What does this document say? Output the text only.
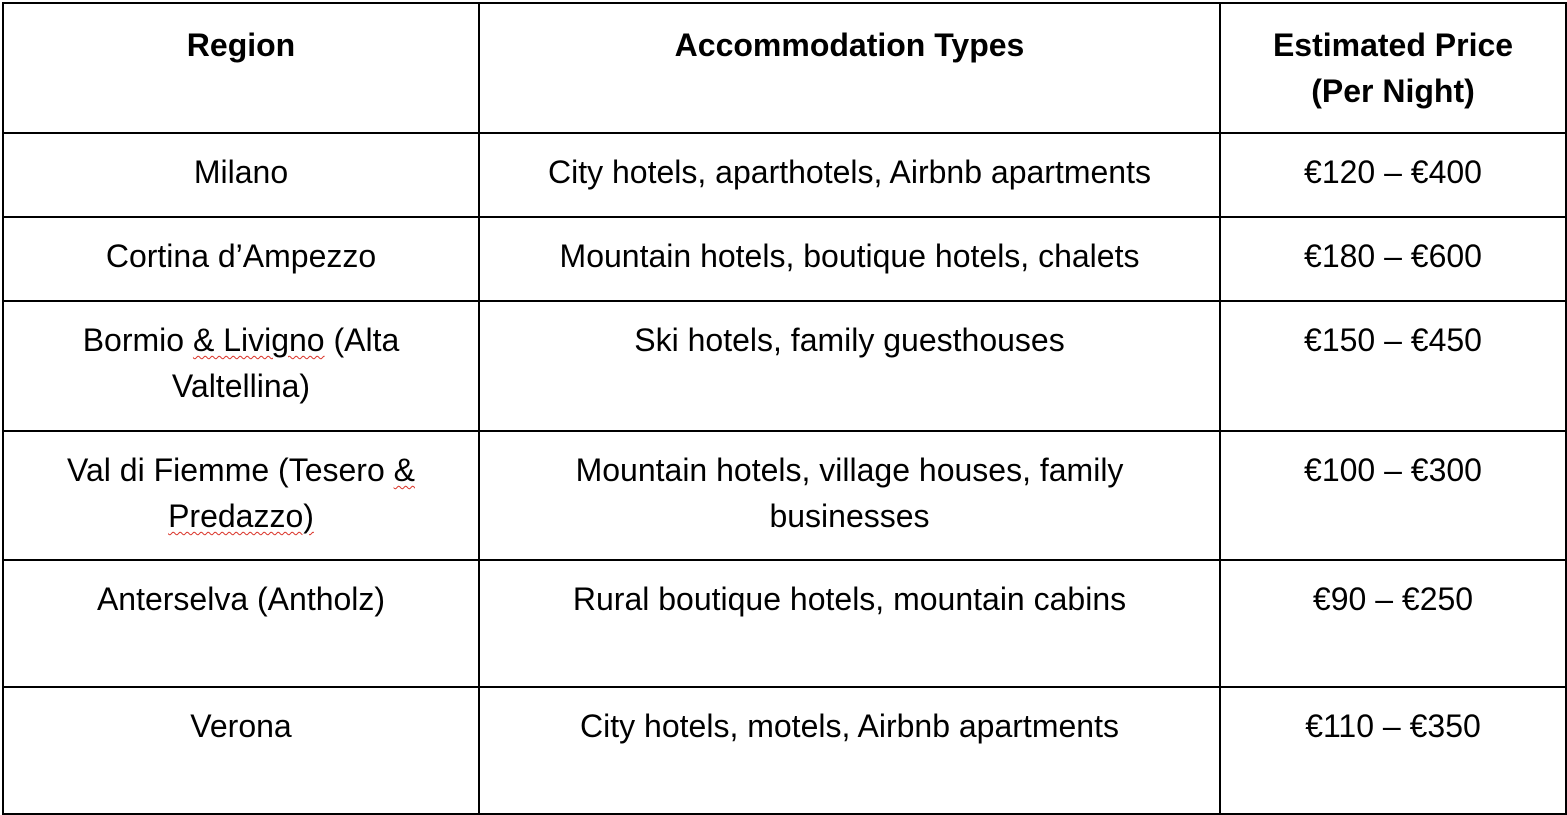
Region	Accommodation Types	Estimated Price (Per Night)
Milano	City hotels, aparthotels, Airbnb apartments	€120 – €400
Cortina d’Ampezzo	Mountain hotels, boutique hotels, chalets	€180 – €600
Bormio & Livigno (Alta Valtellina)	Ski hotels, family guesthouses	€150 – €450
Val di Fiemme (Tesero & Predazzo)	Mountain hotels, village houses, family businesses	€100 – €300
Anterselva (Antholz)	Rural boutique hotels, mountain cabins	€90 – €250
Verona	City hotels, motels, Airbnb apartments	€110 – €350
